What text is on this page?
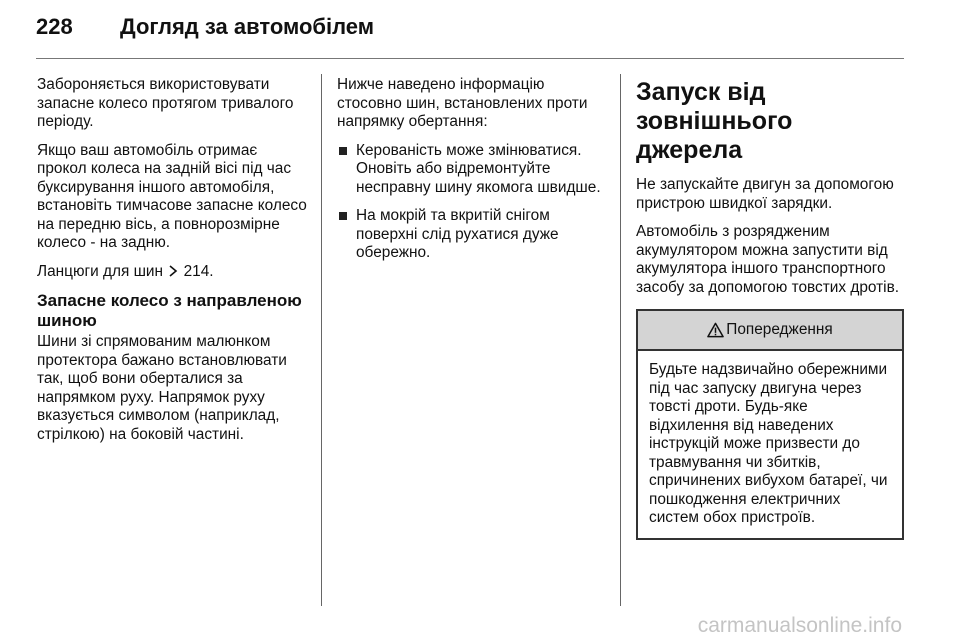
228 Догляд за автомобілем

Забороняється використовувати запасне колесо протягом тривалого періоду.

Якщо ваш автомобіль отримає прокол колеса на задній вісі під час буксирування іншого автомобіля, встановіть тимчасове запасне колесо на передню вісь, а повнорозмірне колесо - на задню.

Ланцюги для шин 214.

Запасне колесо з направленою шиною

Шини зі спрямованим малюнком протектора бажано встановлювати так, щоб вони оберталися за напрямком руху. Напрямок руху вказується символом (наприклад, стрілкою) на боковій частині.

Нижче наведено інформацію стосовно шин, встановлених проти напрямку обертання:

Керованість може змінюватися. Оновіть або відремонтуйте несправну шину якомога швидше.
На мокрій та вкритій снігом поверхні слід рухатися дуже обережно.
Запуск від зовнішнього джерела

Не запускайте двигун за допомогою пристрою швидкої зарядки.

Автомобіль з розрядженим акумулятором можна запустити від акумулятора іншого транспортного засобу за допомогою товстих дротів.

Попередження
Будьте надзвичайно обережними під час запуску двигуна через товсті дроти. Будь-яке відхилення від наведених інструкцій може призвести до травмування чи збитків, спричинених вибухом батареї, чи пошкодження електричних систем обох пристроїв.
carmanualsonline.info
